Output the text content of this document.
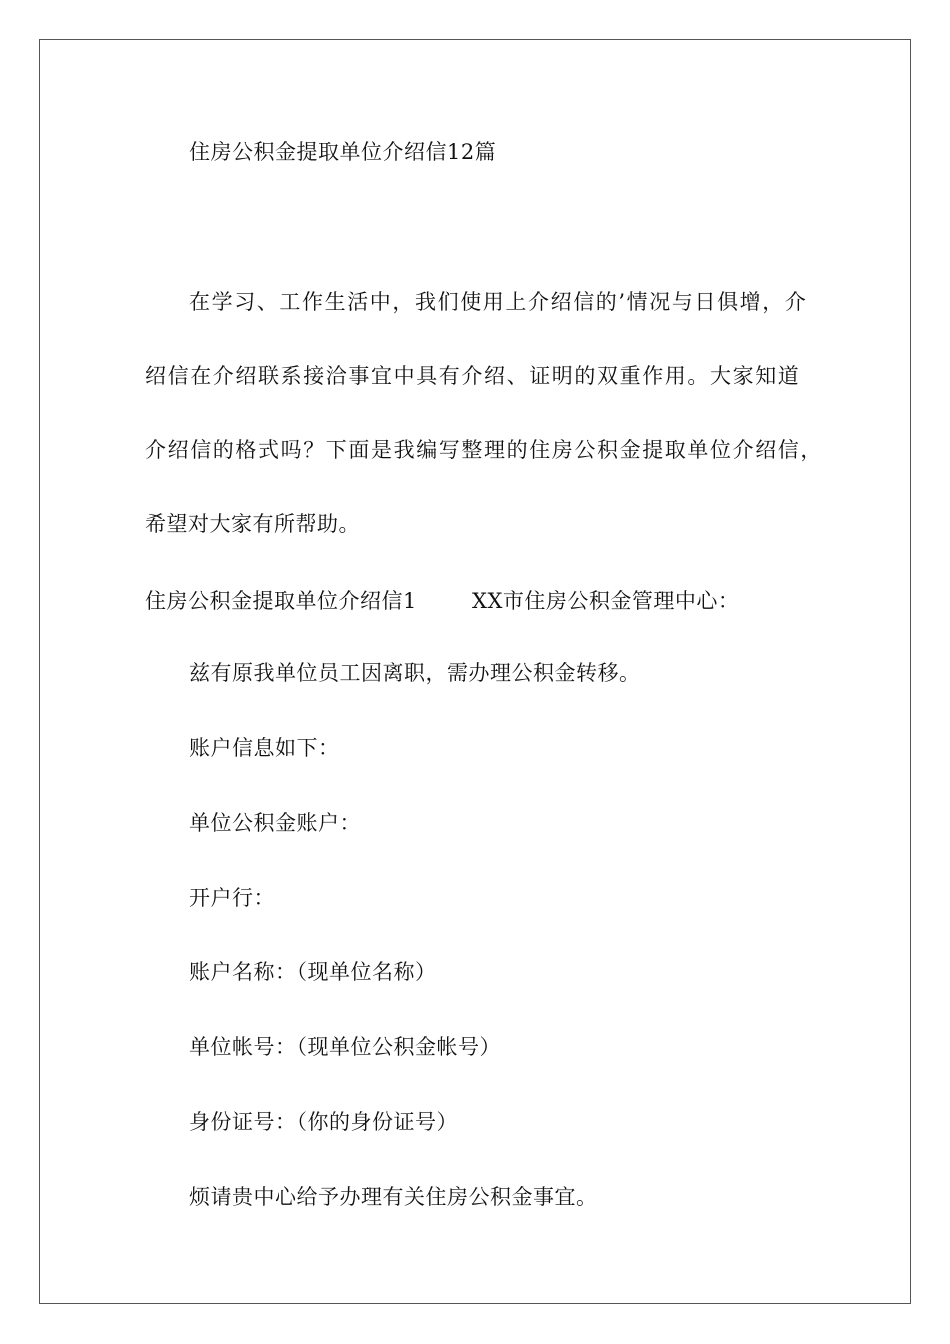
住房公积金提取单位介绍信12篇
在学习、工作生活中，我们使用上介绍信的’情况与日俱增，介
绍信在介绍联系接洽事宜中具有介绍、证明的双重作用。大家知道
介绍信的格式吗？下面是我编写整理的住房公积金提取单位介绍信，
希望对大家有所帮助。
住房公积金提取单位介绍信1	XX市住房公积金管理中心：
兹有原我单位员工因离职，需办理公积金转移。
账户信息如下：
单位公积金账户：
开户行：
账户名称：（现单位名称）
单位帐号：（现单位公积金帐号）
身份证号：（你的身份证号）
烦请贵中心给予办理有关住房公积金事宜。
